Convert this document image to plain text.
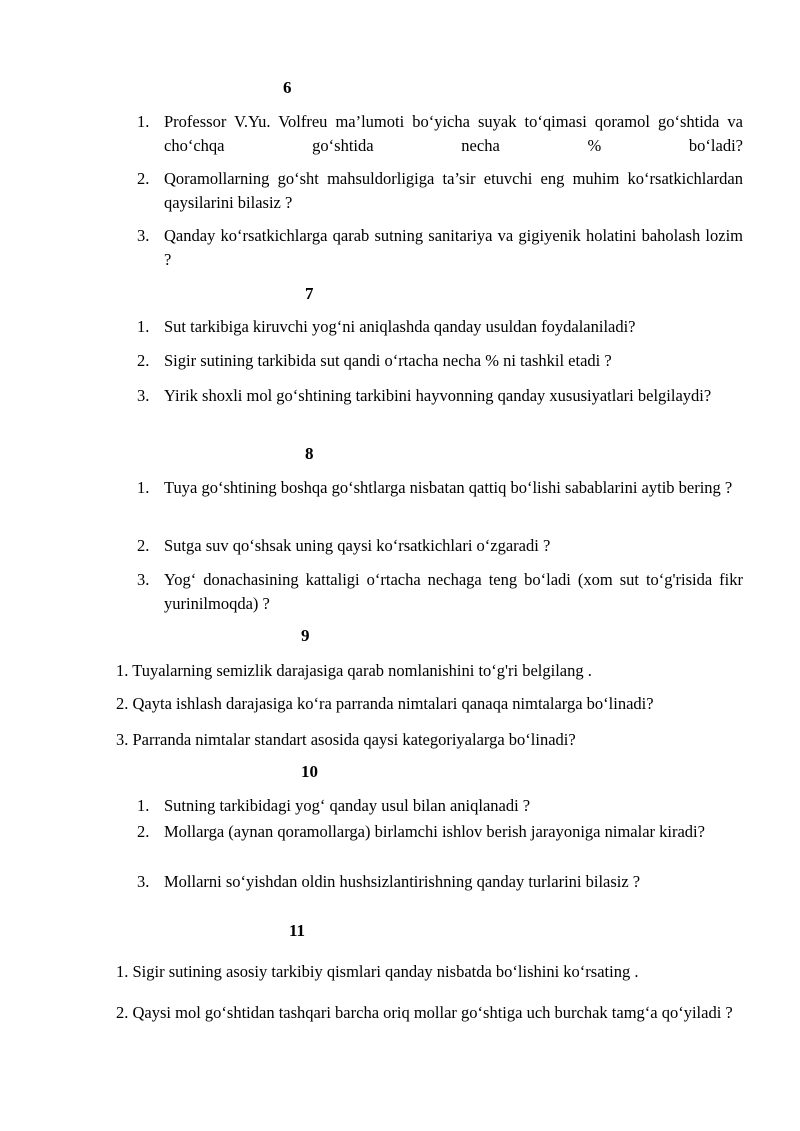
6
1. Professor V.Yu. Volfreu ma’lumoti bo‘yicha suyak to‘qimasi qoramol go‘shtida va cho‘chqa go‘shtida necha % bo‘ladi?
2. Qoramollarning go‘sht mahsuldorligiga ta’sir etuvchi eng muhim ko‘rsatkichlardan qaysilarini bilasiz ?
3. Qanday ko‘rsatkichlarga qarab sutning sanitariya va gigiyenik holatini baholash lozim ?
7
1. Sut tarkibiga kiruvchi yog‘ni aniqlashda qanday usuldan foydalaniladi?
2. Sigir sutining tarkibida sut qandi o‘rtacha necha % ni tashkil etadi ?
3. Yirik shoxli mol go‘shtining tarkibini hayvonning qanday xususiyatlari belgilaydi?
8
1. Tuya go‘shtining boshqa go‘shtlarga nisbatan qattiq bo‘lishi sabablarini aytib bering ?
2. Sutga suv qo‘shsak uning qaysi ko‘rsatkichlari o‘zgaradi ?
3. Yog‘ donachasining kattaligi o‘rtacha nechaga teng bo‘ladi (xom sut to‘g'risida fikr yurinilmoqda) ?
9
1. Tuyalarning semizlik darajasiga qarab nomlanishini to‘g'ri belgilang .
2. Qayta ishlash darajasiga ko‘ra parranda nimtalari qanaqa nimtalarga bo‘linadi?
3. Parranda nimtalar standart asosida qaysi kategoriyalarga bo‘linadi?
10
1. Sutning tarkibidagi yog‘ qanday usul bilan aniqlanadi ?
2. Mollarga (aynan qoramollarga) birlamchi ishlov berish jarayoniga nimalar kiradi?
3. Mollarni so‘yishdan oldin hushsizlantirishning qanday turlarini bilasiz ?
11
1. Sigir sutining asosiy tarkibiy qismlari qanday nisbatda bo‘lishini ko‘rsating .
2. Qaysi mol go‘shtidan tashqari barcha oriq mollar go‘shtiga uch burchak tamg‘a qo‘yiladi ?
